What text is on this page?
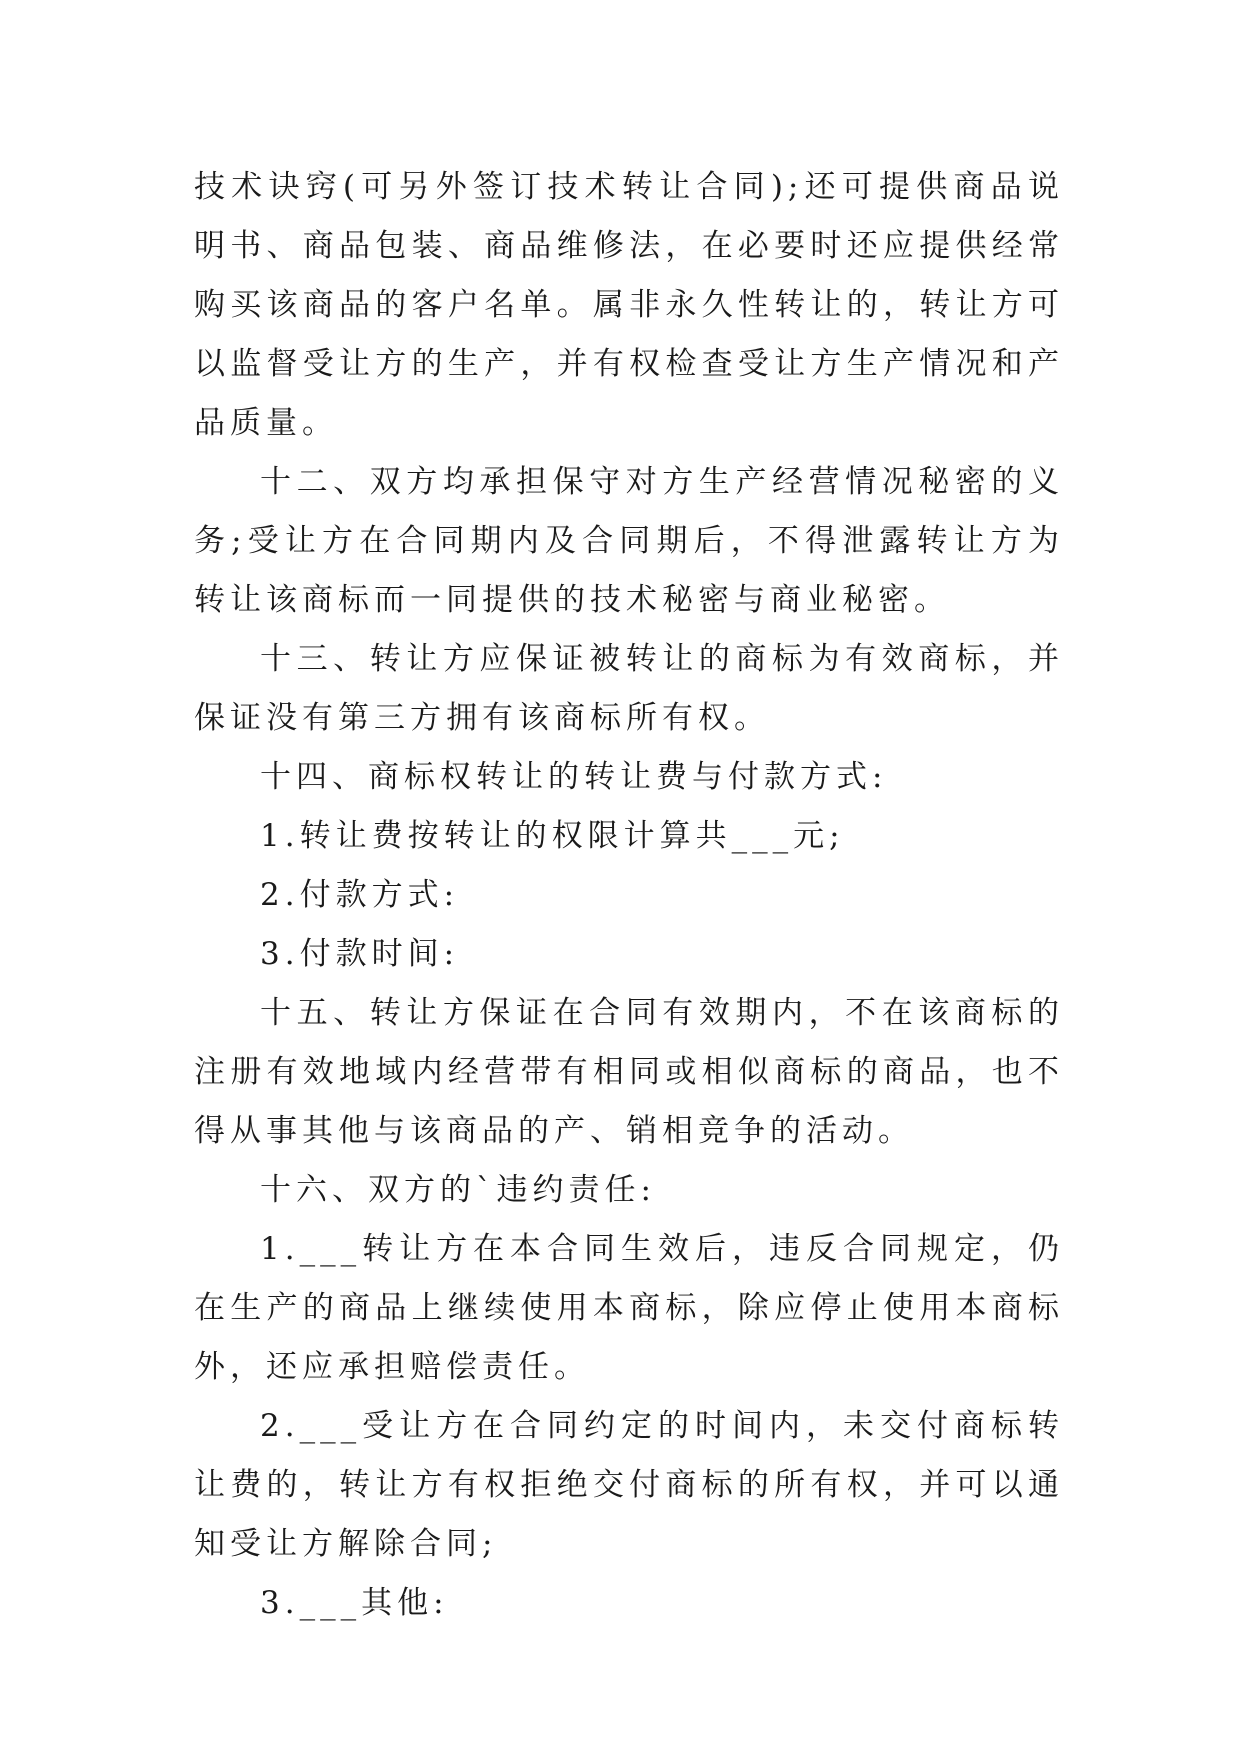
技术诀窍(可另外签订技术转让合同);还可提供商品说明书、商品包装、商品维修法，在必要时还应提供经常购买该商品的客户名单。属非永久性转让的，转让方可以监督受让方的生产，并有权检查受让方生产情况和产品质量。

十二、双方均承担保守对方生产经营情况秘密的义务;受让方在合同期内及合同期后，不得泄露转让方为转让该商标而一同提供的技术秘密与商业秘密。

十三、转让方应保证被转让的商标为有效商标，并保证没有第三方拥有该商标所有权。

十四、商标权转让的转让费与付款方式:

1.转让费按转让的权限计算共___元;

2.付款方式:

3.付款时间:

十五、转让方保证在合同有效期内，不在该商标的注册有效地域内经营带有相同或相似商标的商品，也不得从事其他与该商品的产、销相竞争的活动。

十六、双方的`违约责任:

1.___转让方在本合同生效后，违反合同规定，仍在生产的商品上继续使用本商标，除应停止使用本商标外，还应承担赔偿责任。

2.___受让方在合同约定的时间内，未交付商标转让费的，转让方有权拒绝交付商标的所有权，并可以通知受让方解除合同;

3.___其他:
